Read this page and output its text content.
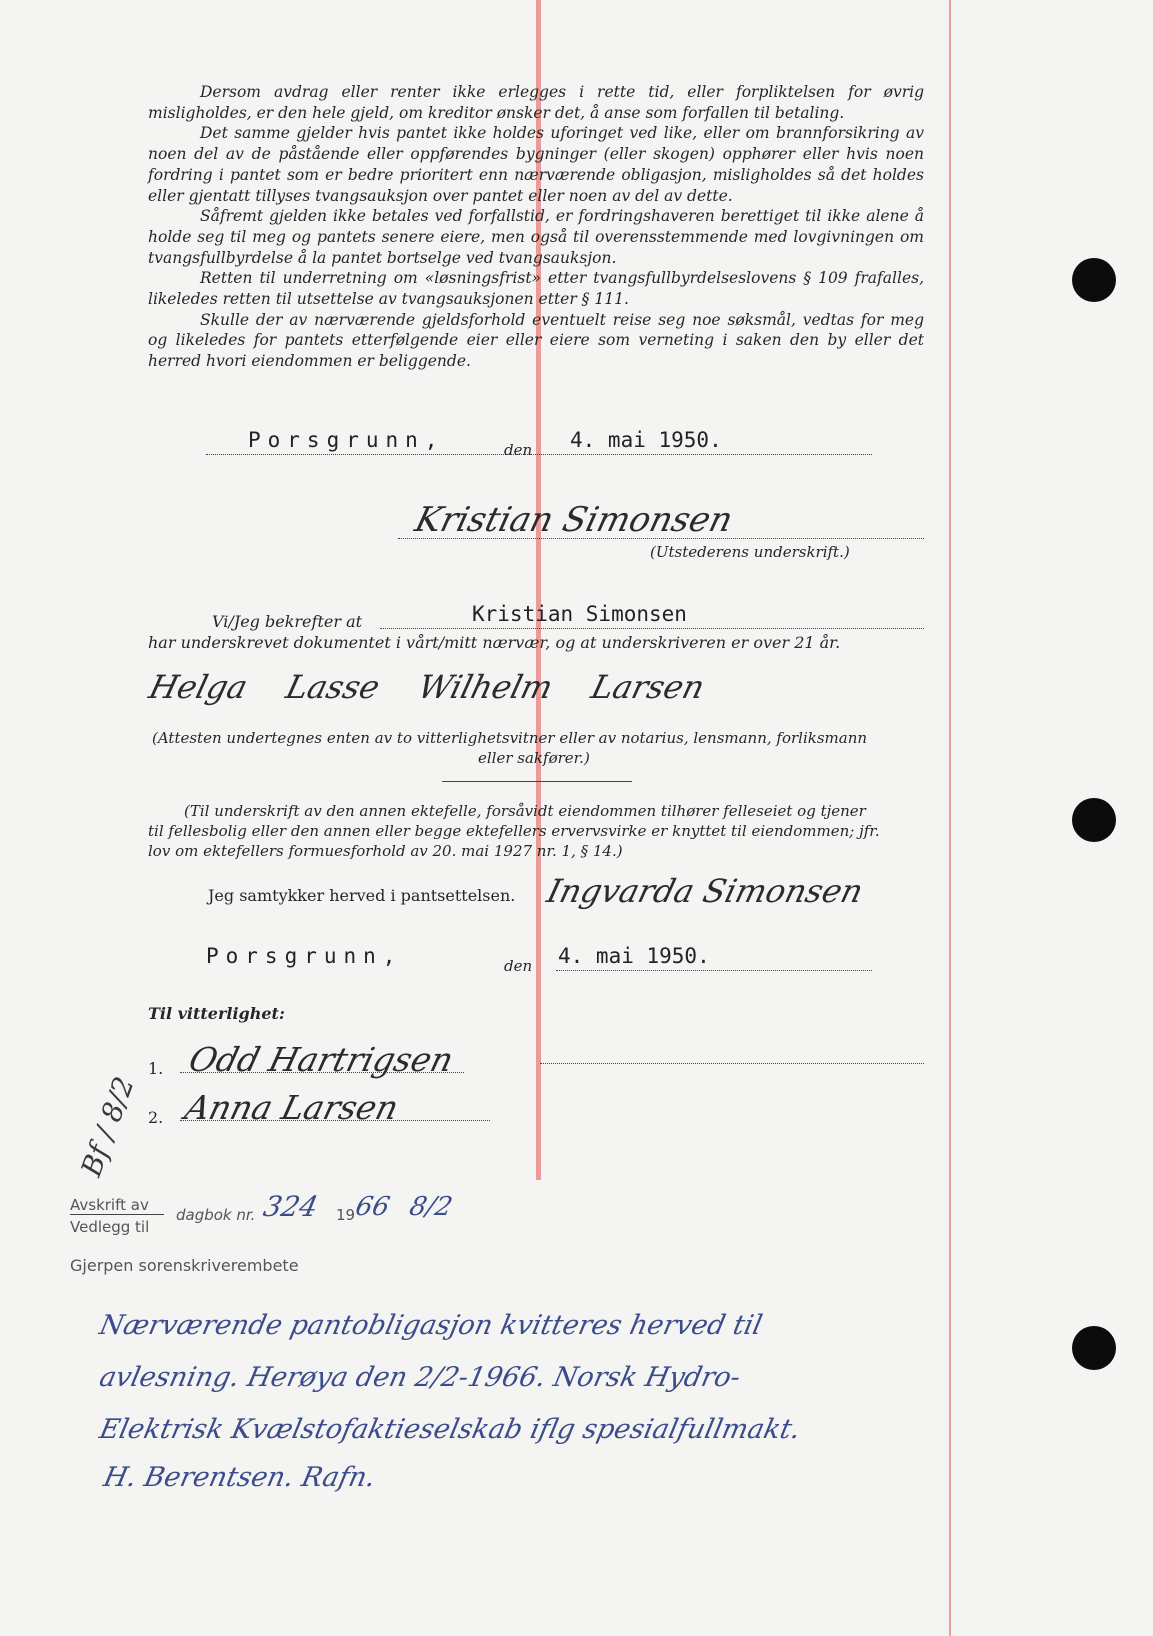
Dersom avdrag eller renter ikke erlegges i rette tid, eller forpliktelsen for øvrig misligholdes, er den hele gjeld, om kreditor ønsker det, å anse som forfallen til betaling.

Det samme gjelder hvis pantet ikke holdes uforinget ved like, eller om brannforsikring av noen del av de påstående eller oppførendes bygninger (eller skogen) opphører eller hvis noen fordring i pantet som er bedre prioritert enn nærværende obligasjon, misligholdes så det holdes eller gjentatt tillyses tvangsauksjon over pantet eller noen av del av dette.

Såfremt gjelden ikke betales ved forfallstid, er fordringshaveren berettiget til ikke alene å holde seg til meg og pantets senere eiere, men også til overensstemmende med lovgivningen om tvangsfullbyrdelse å la pantet bortselge ved tvangsauksjon.

Retten til underretning om «løsningsfrist» etter tvangsfullbyrdelseslovens § 109 frafalles, likeledes retten til utsettelse av tvangsauksjonen etter § 111.

Skulle der av nærværende gjeldsforhold eventuelt reise seg noe søksmål, vedtas for meg og likeledes for pantets etterfølgende eier eller eiere som verneting i saken den by eller det herred hvori eiendommen er beliggende.

Porsgrunn,	den 4. mai 1950.
Kristian Simonsen
(Utstederens underskrift.)
Vi/Jeg bekrefter at	Kristian Simonsen
har underskrevet dokumentet i vårt/mitt nærvær, og at underskriveren er over 21 år.
Helga Lasse Wilhelm Larsen
(Attesten undertegnes enten av to vitterlighetsvitner eller av notarius, lensmann, forliksmann
eller sakfører.)
(Til underskrift av den annen ektefelle, forsåvidt eiendommen tilhører felleseiet og tjener
til fellesbolig eller den annen eller begge ektefellers ervervsvirke er knyttet til eiendommen; jfr.
lov om ektefellers formuesforhold av 20. mai 1927 nr. 1, § 14.)
Jeg samtykker herved i pantsettelsen. Ingvarda Simonsen
Porsgrunn,	den 4. mai 1950.
Til vitterlighet:
1. Odd Hartrigsen
2. Anna Larsen
Bf / 8/2
Avskrift av
Vedlegg til
dagbok nr. 324 19
66 8/2
Gjerpen sorenskriverembete
Nærværende pantobligasjon kvitteres herved til
avlesning. Herøya den 2/2-1966. Norsk Hydro-
Elektrisk Kvælstofaktieselskab iflg spesialfullmakt.
H. Berentsen. Rafn.
